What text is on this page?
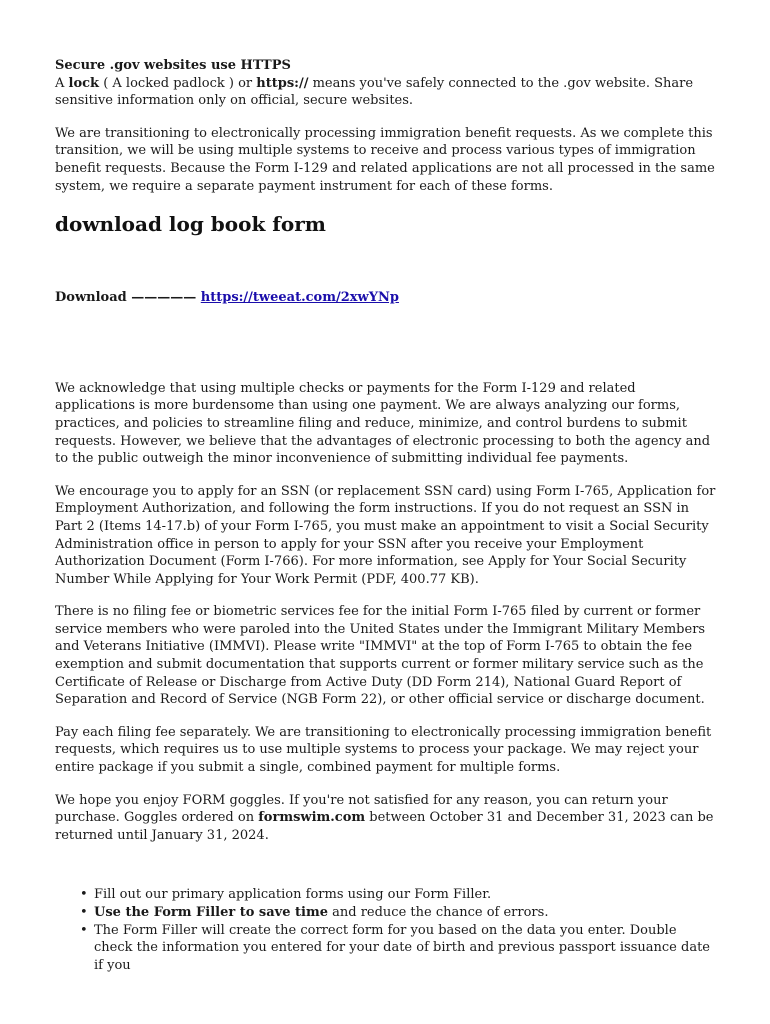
Secure .gov websites use HTTPS

A lock ( A locked padlock ) or https:// means you've safely connected to the .gov website. Share sensitive information only on official, secure websites.

We are transitioning to electronically processing immigration benefit requests. As we complete this transition, we will be using multiple systems to receive and process various types of immigration benefit requests. Because the Form I-129 and related applications are not all processed in the same system, we require a separate payment instrument for each of these forms.

download log book form

Download ————— https://tweeat.com/2xwYNp

We acknowledge that using multiple checks or payments for the Form I-129 and related applications is more burdensome than using one payment. We are always analyzing our forms, practices, and policies to streamline filing and reduce, minimize, and control burdens to submit requests. However, we believe that the advantages of electronic processing to both the agency and to the public outweigh the minor inconvenience of submitting individual fee payments.

We encourage you to apply for an SSN (or replacement SSN card) using Form I-765, Application for Employment Authorization, and following the form instructions. If you do not request an SSN in Part 2 (Items 14-17.b) of your Form I-765, you must make an appointment to visit a Social Security Administration office in person to apply for your SSN after you receive your Employment Authorization Document (Form I-766). For more information, see Apply for Your Social Security Number While Applying for Your Work Permit (PDF, 400.77 KB).

There is no filing fee or biometric services fee for the initial Form I-765 filed by current or former service members who were paroled into the United States under the Immigrant Military Members and Veterans Initiative (IMMVI). Please write "IMMVI" at the top of Form I-765 to obtain the fee exemption and submit documentation that supports current or former military service such as the Certificate of Release or Discharge from Active Duty (DD Form 214), National Guard Report of Separation and Record of Service (NGB Form 22), or other official service or discharge document.

Pay each filing fee separately. We are transitioning to electronically processing immigration benefit requests, which requires us to use multiple systems to process your package. We may reject your entire package if you submit a single, combined payment for multiple forms.

We hope you enjoy FORM goggles. If you're not satisfied for any reason, you can return your purchase. Goggles ordered on formswim.com between October 31 and December 31, 2023 can be returned until January 31, 2024.

• Fill out our primary application forms using our Form Filler.
• Use the Form Filler to save time and reduce the chance of errors.
• The Form Filler will create the correct form for you based on the data you enter. Double check the information you entered for your date of birth and previous passport issuance date if you
